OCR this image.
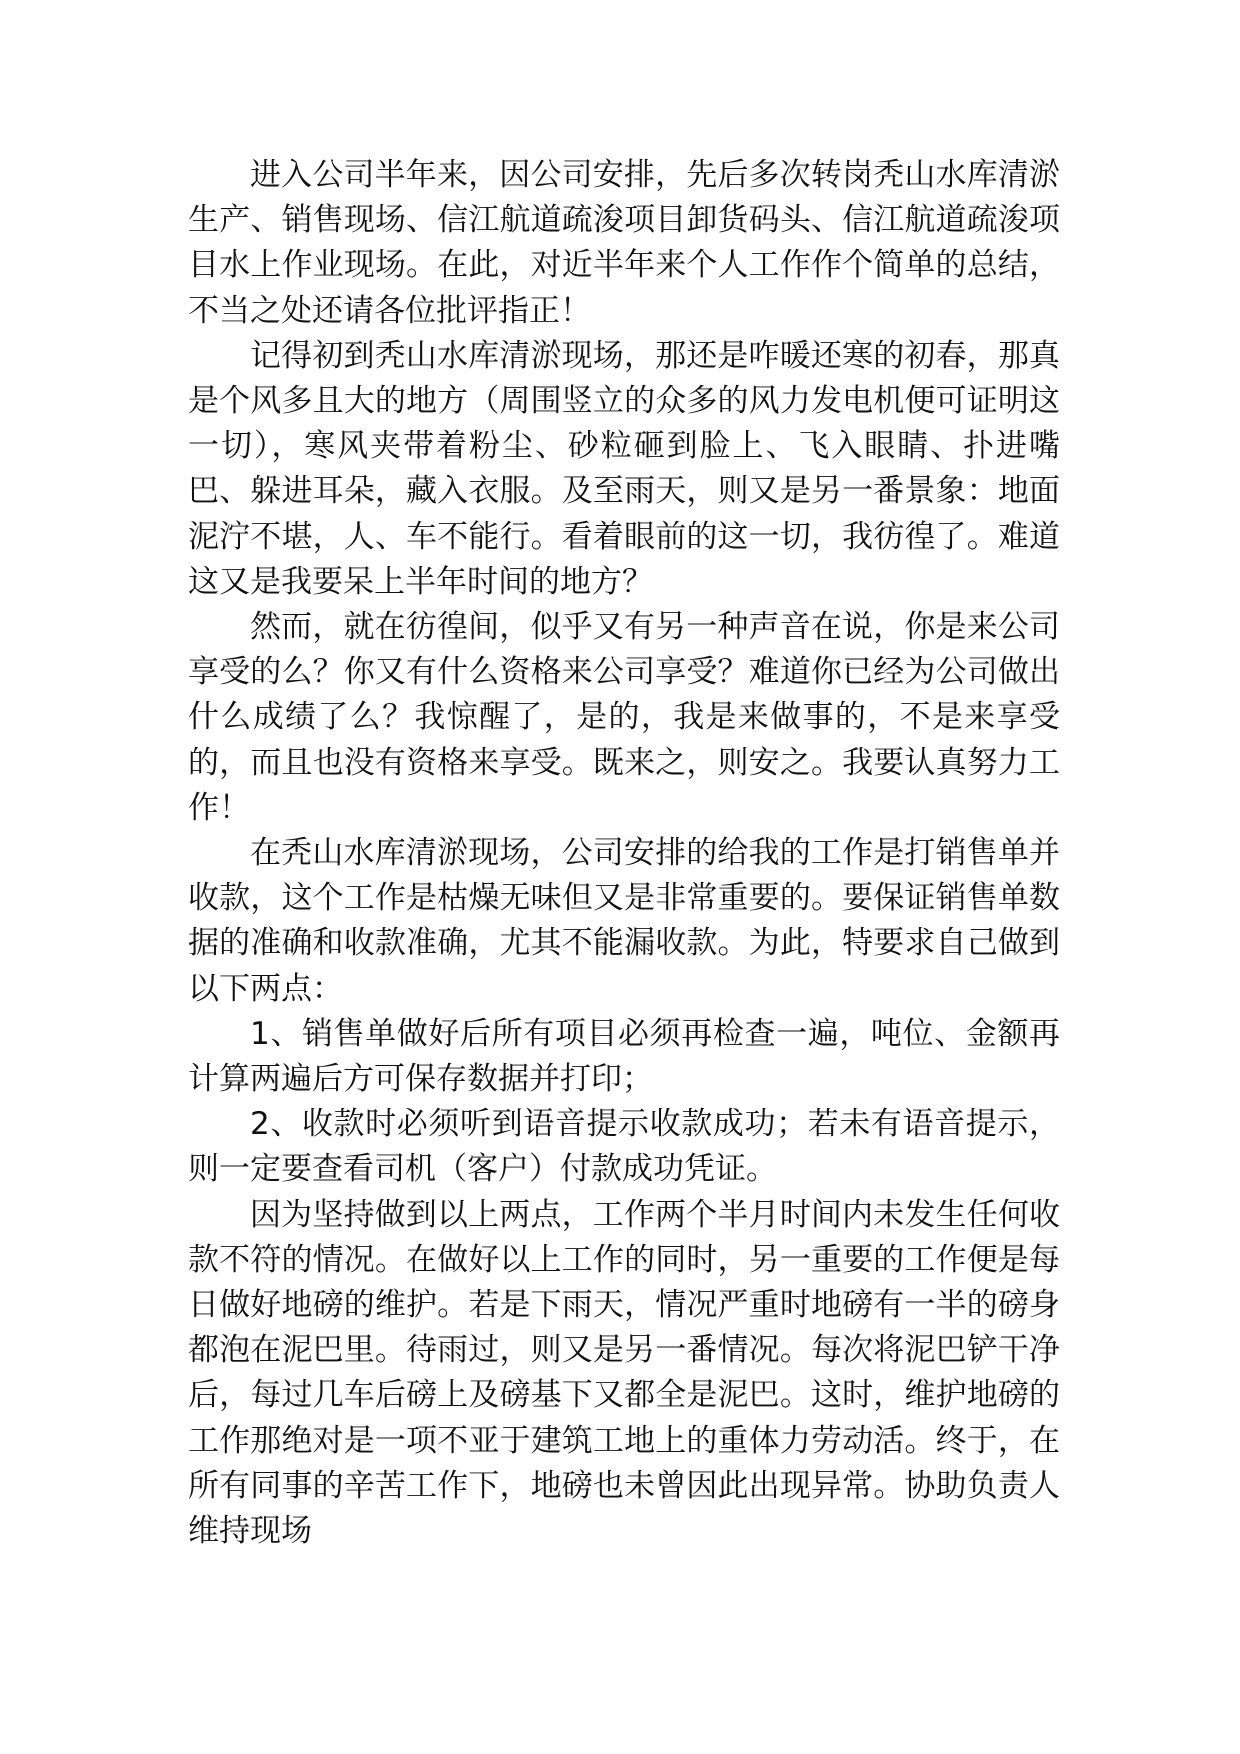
进入公司半年来，因公司安排，先后多次转岗秃山水库清淤生产、销售现场、信江航道疏浚项目卸货码头、信江航道疏浚项目水上作业现场。在此，对近半年来个人工作作个简单的总结，不当之处还请各位批评指正！

记得初到秃山水库清淤现场，那还是咋暖还寒的初春，那真是个风多且大的地方（周围竖立的众多的风力发电机便可证明这一切），寒风夹带着粉尘、砂粒砸到脸上、飞入眼睛、扑进嘴巴、躲进耳朵，藏入衣服。及至雨天，则又是另一番景象：地面泥泞不堪，人、车不能行。看着眼前的这一切，我彷徨了。难道这又是我要呆上半年时间的地方？

然而，就在彷徨间，似乎又有另一种声音在说，你是来公司享受的么？你又有什么资格来公司享受？难道你已经为公司做出什么成绩了么？我惊醒了，是的，我是来做事的，不是来享受的，而且也没有资格来享受。既来之，则安之。我要认真努力工作！

在秃山水库清淤现场，公司安排的给我的工作是打销售单并收款，这个工作是枯燥无味但又是非常重要的。要保证销售单数据的准确和收款准确，尤其不能漏收款。为此，特要求自己做到以下两点：

1、销售单做好后所有项目必须再检查一遍，吨位、金额再计算两遍后方可保存数据并打印；

2、收款时必须听到语音提示收款成功；若未有语音提示，则一定要查看司机（客户）付款成功凭证。

因为坚持做到以上两点，工作两个半月时间内未发生任何收款不符的情况。在做好以上工作的同时，另一重要的工作便是每日做好地磅的维护。若是下雨天，情况严重时地磅有一半的磅身都泡在泥巴里。待雨过，则又是另一番情况。每次将泥巴铲干净后，每过几车后磅上及磅基下又都全是泥巴。这时，维护地磅的工作那绝对是一项不亚于建筑工地上的重体力劳动活。终于，在所有同事的辛苦工作下，地磅也未曾因此出现异常。协助负责人维持现场
